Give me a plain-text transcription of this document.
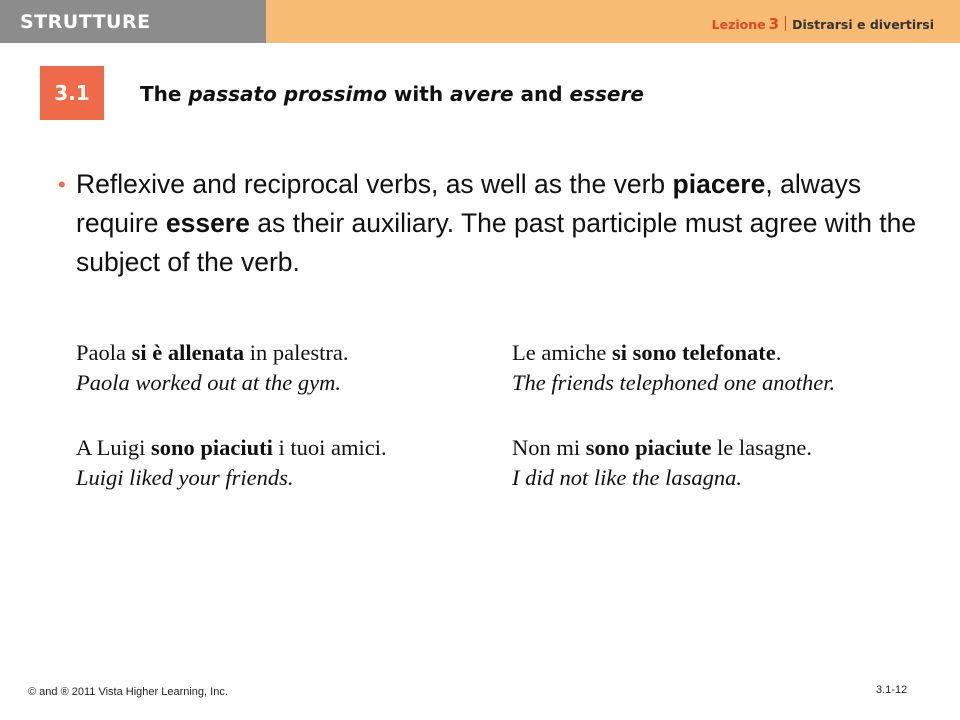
STRUTTURE	Lezione 3 Distrarsi e divertirsi
3.1	The passato prossimo with avere and essere
• Reflexive and reciprocal verbs, as well as the verb piacere, always require essere as their auxiliary. The past participle must agree with the subject of the verb.
Paola si è allenata in palestra.
Paola worked out at the gym.
Le amiche si sono telefonate.
The friends telephoned one another.
A Luigi sono piaciuti i tuoi amici.
Luigi liked your friends.
Non mi sono piaciute le lasagne.
I did not like the lasagna.
© and ® 2011 Vista Higher Learning, Inc.	3.1-12
